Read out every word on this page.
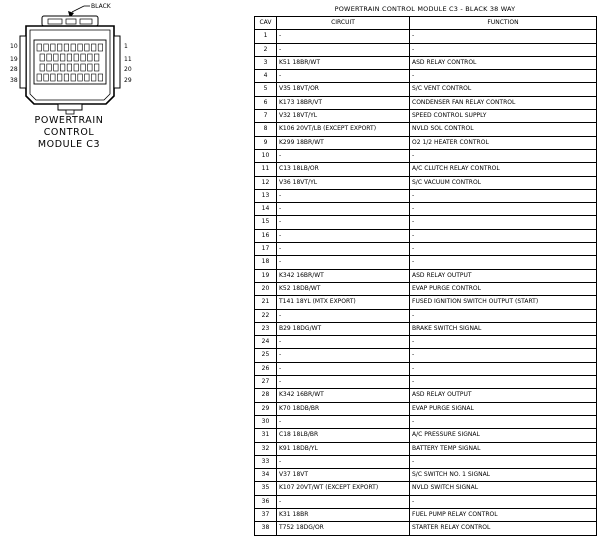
BLACK
10
19
28
38
1
11
20
29
POWERTRAIN
CONTROL
MODULE C3
POWERTRAIN CONTROL MODULE C3 - BLACK 38 WAY
CAV	CIRCUIT	FUNCTION
1	-	-
2	-	-
3	K51 18BR/WT	ASD RELAY CONTROL
4	-	-
5	V35 18VT/OR	S/C VENT CONTROL
6	K173 18BR/VT	CONDENSER FAN RELAY CONTROL
7	V32 18VT/YL	SPEED CONTROL SUPPLY
8	K106 20VT/LB (EXCEPT EXPORT)	NVLD SOL CONTROL
9	K299 18BR/WT	O2 1/2 HEATER CONTROL
10	-	-
11	C13 18LB/OR	A/C CLUTCH RELAY CONTROL
12	V36 18VT/YL	S/C VACUUM CONTROL
13	-	-
14	-	-
15	-	-
16	-	-
17	-	-
18	-	-
19	K342 16BR/WT	ASD RELAY OUTPUT
20	K52 18DB/WT	EVAP PURGE CONTROL
21	T141 18YL (MTX EXPORT)	FUSED IGNITION SWITCH OUTPUT (START)
22	-	-
23	B29 18DG/WT	BRAKE SWITCH SIGNAL
24	-	-
25	-	-
26	-	-
27	-	-
28	K342 16BR/WT	ASD RELAY OUTPUT
29	K70 18DB/BR	EVAP PURGE SIGNAL
30	-	-
31	C18 18LB/BR	A/C PRESSURE SIGNAL
32	K91 18DB/YL	BATTERY TEMP SIGNAL
33	-	-
34	V37 18VT	S/C SWITCH NO. 1 SIGNAL
35	K107 20VT/WT (EXCEPT EXPORT)	NVLD SWITCH SIGNAL
36	-	-
37	K31 18BR	FUEL PUMP RELAY CONTROL
38	T752 18DG/OR	STARTER RELAY CONTROL
